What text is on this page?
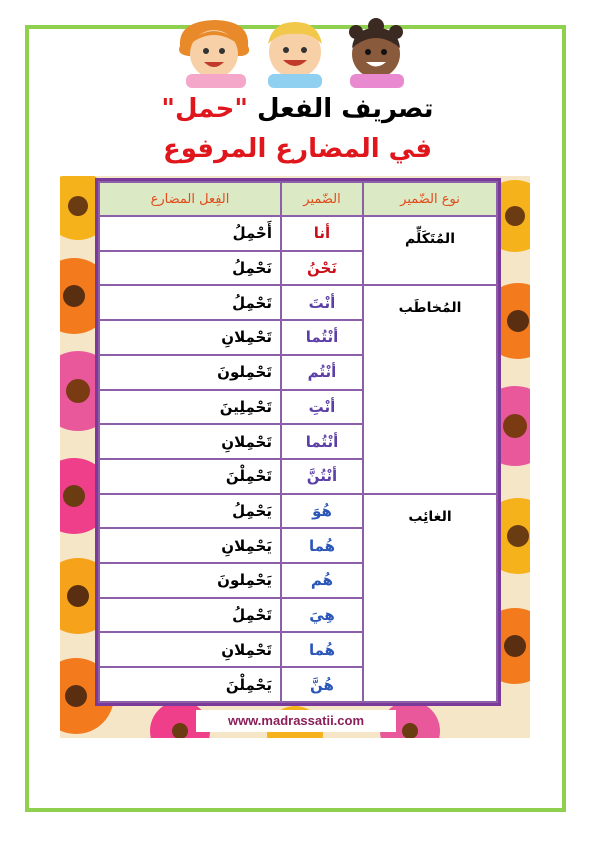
تصريف الفعل "حمل"
في المضارع المرفوع
نوع الضّمير	الضّمير	الفِعل المضارع
المُتَكَلِّم	أنا	أَحْمِلُ
	نَحْنُ	نَحْمِلُ
المُخاطَب	أنْتَ	تَحْمِلُ
	أنْتُما	تَحْمِلانِ
	أنْتُم	تَحْمِلونَ
	أنْتِ	تَحْمِلِينَ
	أنْتُما	تَحْمِلانِ
	أنْتُنَّ	تَحْمِلْنَ
الغائِب	هُوَ	يَحْمِلُ
	هُما	يَحْمِلانِ
	هُم	يَحْمِلونَ
	هِيَ	تَحْمِلُ
	هُما	تَحْمِلانِ
	هُنَّ	يَحْمِلْنَ
www.madrassatii.com
